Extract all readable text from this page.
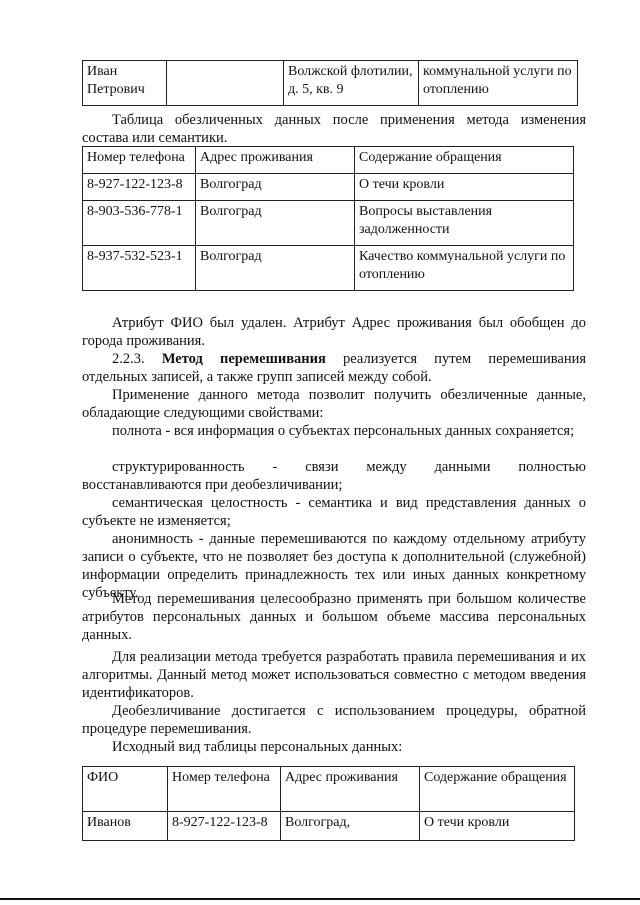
Иван Петрович		Волжской флотилии, д. 5, кв. 9	коммунальной услуги по отоплению
Таблица обезличенных данных после применения метода изменения состава или семантики.
Номер телефона	Адрес проживания	Содержание обращения
8-927-122-123-8	Волгоград	О течи кровли
8-903-536-778-1	Волгоград	Вопросы выставления задолженности
8-937-532-523-1	Волгоград	Качество коммунальной услуги по отоплению
Атрибут ФИО был удален. Атрибут Адрес проживания был обобщен до города проживания.
2.2.3. Метод перемешивания реализуется путем перемешивания отдельных записей, а также групп записей между собой.
Применение данного метода позволит получить обезличенные данные, обладающие следующими свойствами:
полнота - вся информация о субъектах персональных данных сохраняется;
структурированность - связи между данными полностью восстанавливаются при деобезличивании;
семантическая целостность - семантика и вид представления данных о субъекте не изменяется;
анонимность - данные перемешиваются по каждому отдельному атрибуту записи о субъекте, что не позволяет без доступа к дополнительной (служебной) информации определить принадлежность тех или иных данных конкретному субъекту.
Метод перемешивания целесообразно применять при большом количестве атрибутов персональных данных и большом объеме массива персональных данных.
Для реализации метода требуется разработать правила перемешивания и их алгоритмы. Данный метод может использоваться совместно с методом введения идентификаторов.
Деобезличивание достигается с использованием процедуры, обратной процедуре перемешивания.
Исходный вид таблицы персональных данных:
ФИО	Номер телефона	Адрес проживания	Содержание обращения
Иванов	8-927-122-123-8	Волгоград,	О течи кровли
